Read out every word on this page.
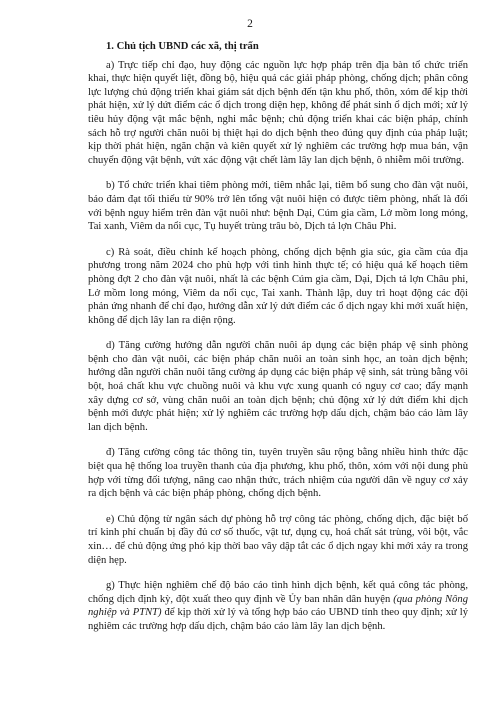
2
1. Chủ tịch UBND các xã, thị trấn

a) Trực tiếp chỉ đạo, huy động các nguồn lực hợp pháp trên địa bàn tổ chức triển khai, thực hiện quyết liệt, đồng bộ, hiệu quả các giải pháp phòng, chống dịch; phân công lực lượng chủ động triển khai giám sát dịch bệnh đến tận khu phố, thôn, xóm để kịp thời phát hiện, xử lý dứt điểm các ổ dịch trong diện hẹp, không để phát sinh ổ dịch mới; xử lý tiêu hủy động vật mắc bệnh, nghi mắc bệnh; chủ động triển khai các biện pháp, chính sách hỗ trợ người chăn nuôi bị thiệt hại do dịch bệnh theo đúng quy định của pháp luật; kịp thời phát hiện, ngăn chặn và kiên quyết xử lý nghiêm các trường hợp mua bán, vận chuyển động vật bệnh, vứt xác động vật chết làm lây lan dịch bệnh, ô nhiễm môi trường.

b) Tổ chức triển khai tiêm phòng mới, tiêm nhắc lại, tiêm bổ sung cho đàn vật nuôi, bảo đảm đạt tối thiểu từ 90% trở lên tổng vật nuôi hiện có được tiêm phòng, nhất là đối với bệnh nguy hiểm trên đàn vật nuôi như: bệnh Dại, Cúm gia cầm, Lở mồm long móng, Tai xanh, Viêm da nổi cục, Tụ huyết trùng trâu bò, Dịch tả lợn Châu Phi.

c) Rà soát, điều chỉnh kế hoạch phòng, chống dịch bệnh gia súc, gia cầm của địa phương trong năm 2024 cho phù hợp với tình hình thực tế; có hiệu quả kế hoạch tiêm phòng đợt 2 cho đàn vật nuôi, nhất là các bệnh Cúm gia cầm, Dại, Dịch tả lợn Châu phi, Lở mồm long móng, Viêm da nổi cục, Tai xanh. Thành lập, duy trì hoạt động các đội phản ứng nhanh để chỉ đạo, hướng dẫn xử lý dứt điểm các ổ dịch ngay khi mới xuất hiện, không để dịch lây lan ra diện rộng.

d) Tăng cường hướng dẫn người chăn nuôi áp dụng các biện pháp vệ sinh phòng bệnh cho đàn vật nuôi, các biện pháp chăn nuôi an toàn sinh học, an toàn dịch bệnh; hướng dẫn người chăn nuôi tăng cường áp dụng các biện pháp vệ sinh, sát trùng bằng vôi bột, hoá chất khu vực chuồng nuôi và khu vực xung quanh có nguy cơ cao; đẩy mạnh xây dựng cơ sở, vùng chăn nuôi an toàn dịch bệnh; chủ động xử lý dứt điểm khi dịch bệnh mới được phát hiện; xử lý nghiêm các trường hợp dấu dịch, chậm báo cáo làm lây lan dịch bệnh.

đ) Tăng cường công tác thông tin, tuyên truyền sâu rộng bằng nhiều hình thức đặc biệt qua hệ thống loa truyền thanh của địa phương, khu phố, thôn, xóm với nội dung phù hợp với từng đối tượng, nâng cao nhận thức, trách nhiệm của người dân về nguy cơ xảy ra dịch bệnh và các biện pháp phòng, chống dịch bệnh.

e) Chủ động từ ngân sách dự phòng hỗ trợ công tác phòng, chống dịch, đặc biệt bố trí kinh phí chuẩn bị đầy đủ cơ số thuốc, vật tư, dụng cụ, hoá chất sát trùng, vôi bột, vắc xin… để chủ động ứng phó kịp thời bao vây dập tắt các ổ dịch ngay khi mới xảy ra trong diện hẹp.

g) Thực hiện nghiêm chế độ báo cáo tình hình dịch bệnh, kết quả công tác phòng, chống dịch định kỳ, đột xuất theo quy định về Ủy ban nhân dân huyện (qua phòng Nông nghiệp và PTNT) để kịp thời xử lý và tổng hợp báo cáo UBND tỉnh theo quy định; xử lý nghiêm các trường hợp dấu dịch, chậm báo cáo làm lây lan dịch bệnh.
